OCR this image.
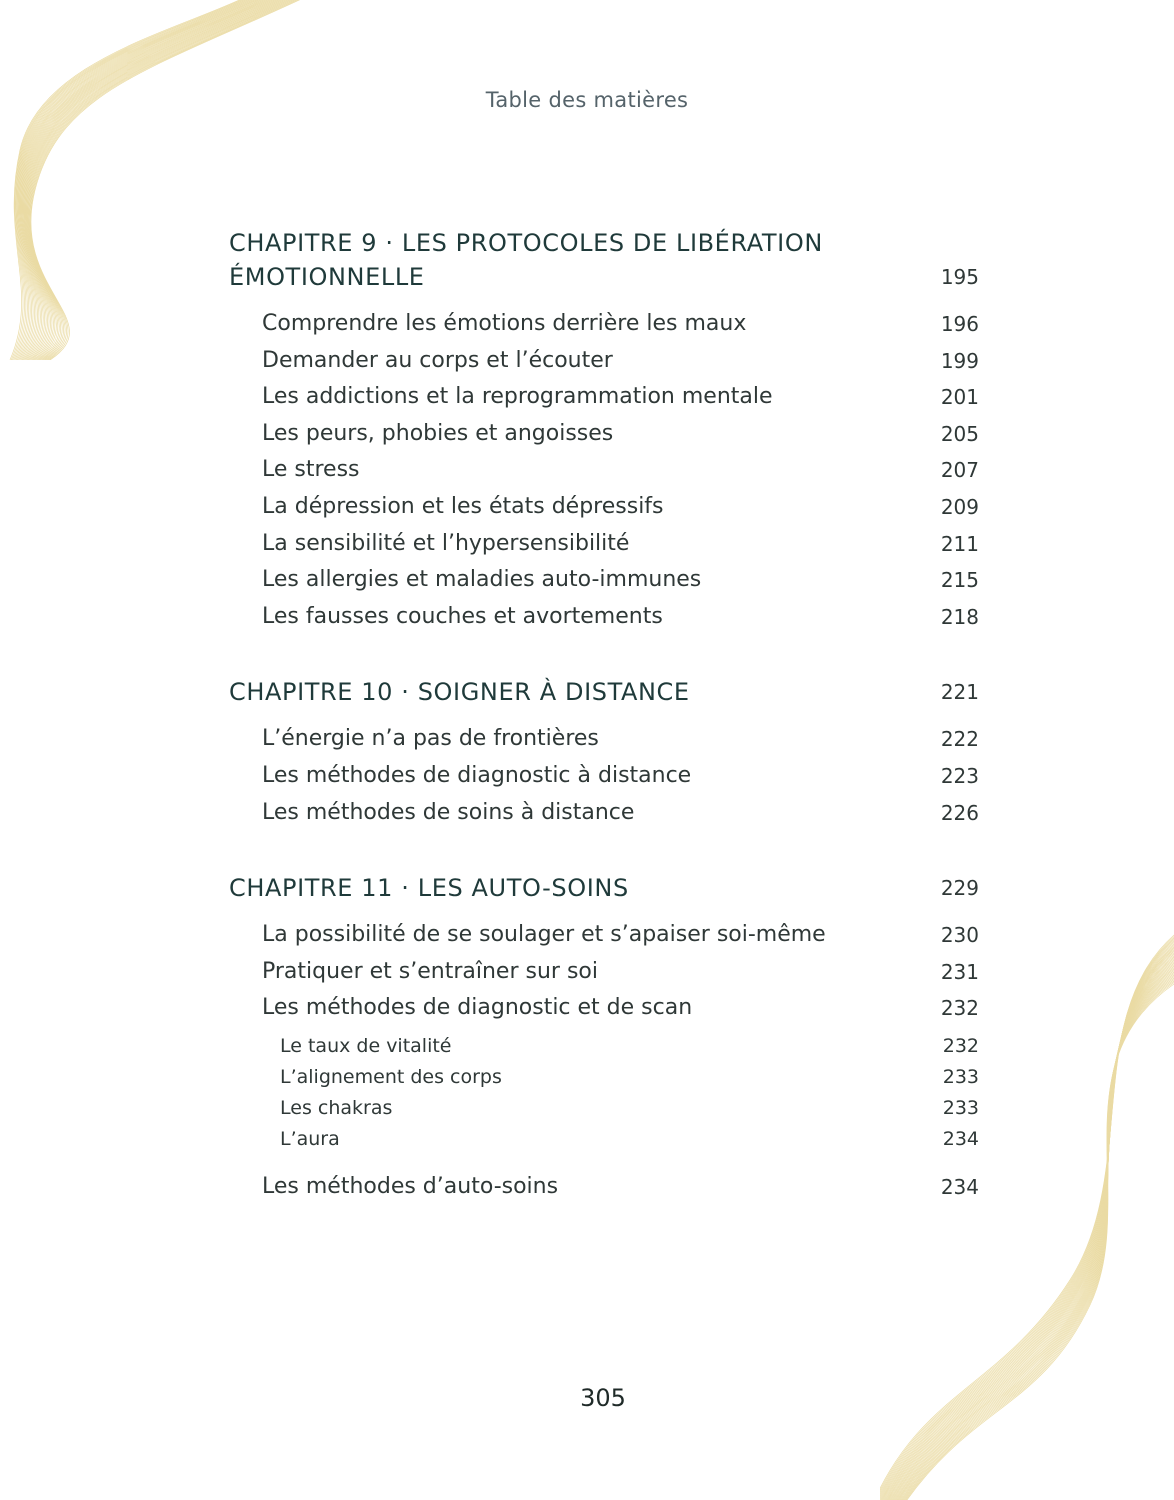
Table des matières
CHAPITRE 9 · LES PROTOCOLES DE LIBÉRATION ÉMOTIONNELLE	195
Comprendre les émotions derrière les maux	196
Demander au corps et l’écouter	199
Les addictions et la reprogrammation mentale	201
Les peurs, phobies et angoisses	205
Le stress	207
La dépression et les états dépressifs	209
La sensibilité et l’hypersensibilité	211
Les allergies et maladies auto-immunes	215
Les fausses couches et avortements	218
CHAPITRE 10 · SOIGNER À DISTANCE	221
L’énergie n’a pas de frontières	222
Les méthodes de diagnostic à distance	223
Les méthodes de soins à distance	226
CHAPITRE 11 · LES AUTO-SOINS	229
La possibilité de se soulager et s’apaiser soi-même	230
Pratiquer et s’entraîner sur soi	231
Les méthodes de diagnostic et de scan	232
Le taux de vitalité	232
L’alignement des corps	233
Les chakras	233
L’aura	234
Les méthodes d’auto-soins	234
305
